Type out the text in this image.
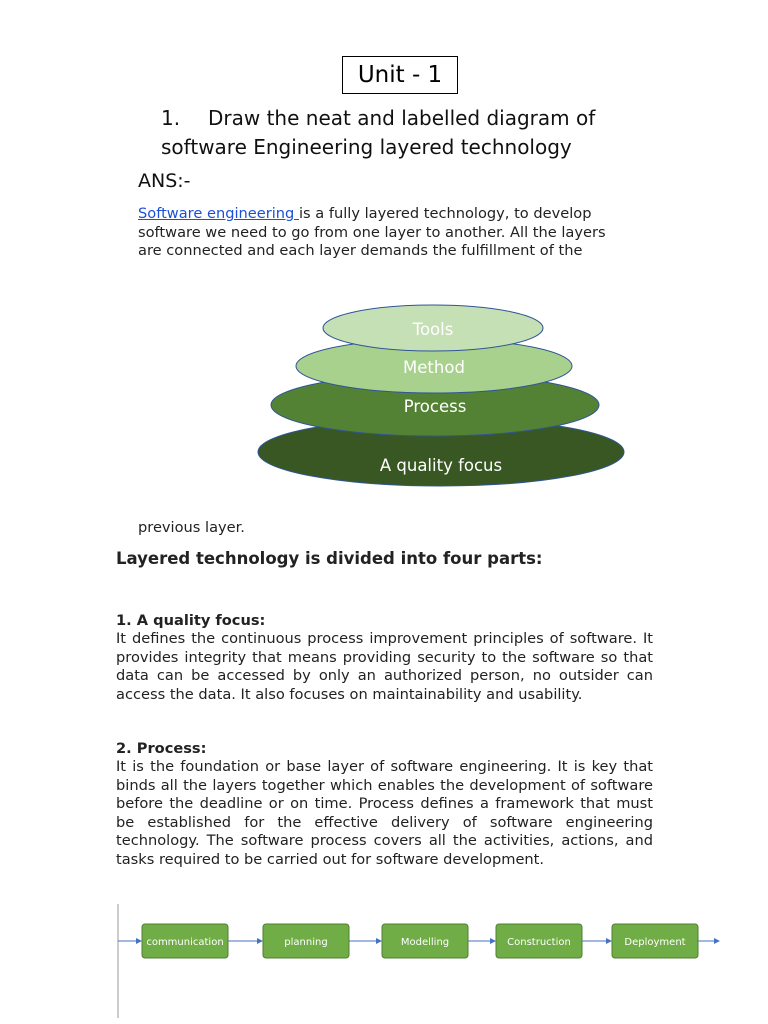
Unit - 1
1. Draw the neat and labelled diagram of
software Engineering layered technology
ANS:-
Software engineering is a fully layered technology, to develop
software we need to go from one layer to another. All the layers
are connected and each layer demands the fulfillment of the
A quality focus
Process
Method
Tools
previous layer.
Layered technology is divided into four parts:
1. A quality focus:
It defines the continuous process improvement principles of software. It provides integrity that means providing security to the software so that data can be accessed by only an authorized person, no outsider can access the data. It also focuses on maintainability and usability.
2. Process:
It is the foundation or base layer of software engineering. It is key that binds all the layers together which enables the development of software before the deadline or on time. Process defines a framework that must be established for the effective delivery of software engineering technology. The software process covers all the activities, actions, and tasks required to be carried out for software development.
communication	planning	Modelling	Construction	Deployment
